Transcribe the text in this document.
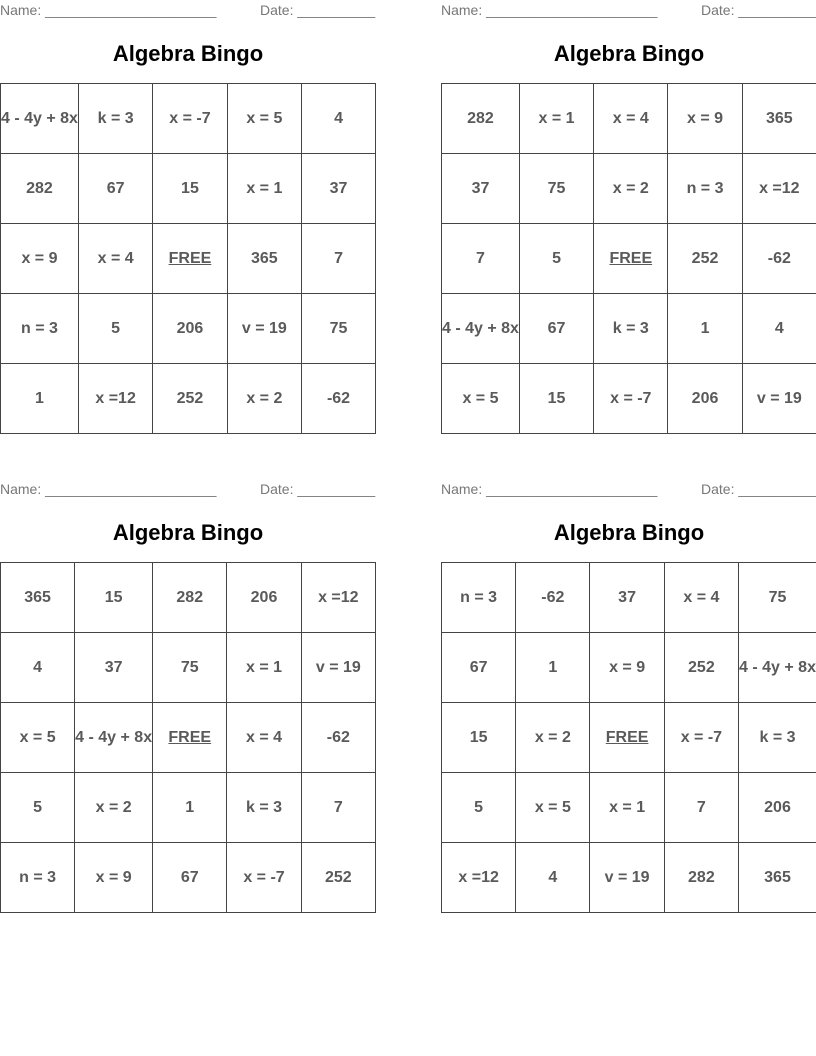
Name: ______________________	Date: __________
Algebra Bingo
4 - 4y + 8x	k = 3	x = -7	x = 5	4
282	67	15	x = 1	37
x = 9	x = 4	FREE	365	7
n = 3	5	206	v = 19	75
1	x =12	252	x = 2	-62
Name: ______________________	Date: __________
Algebra Bingo
282	x = 1	x = 4	x = 9	365
37	75	x = 2	n = 3	x =12
7	5	FREE	252	-62
4 - 4y + 8x	67	k = 3	1	4
x = 5	15	x = -7	206	v = 19
Name: ______________________	Date: __________
Algebra Bingo
365	15	282	206	x =12
4	37	75	x = 1	v = 19
x = 5	4 - 4y + 8x	FREE	x = 4	-62
5	x = 2	1	k = 3	7
n = 3	x = 9	67	x = -7	252
Name: ______________________	Date: __________
Algebra Bingo
n = 3	-62	37	x = 4	75
67	1	x = 9	252	4 - 4y + 8x
15	x = 2	FREE	x = -7	k = 3
5	x = 5	x = 1	7	206
x =12	4	v = 19	282	365
